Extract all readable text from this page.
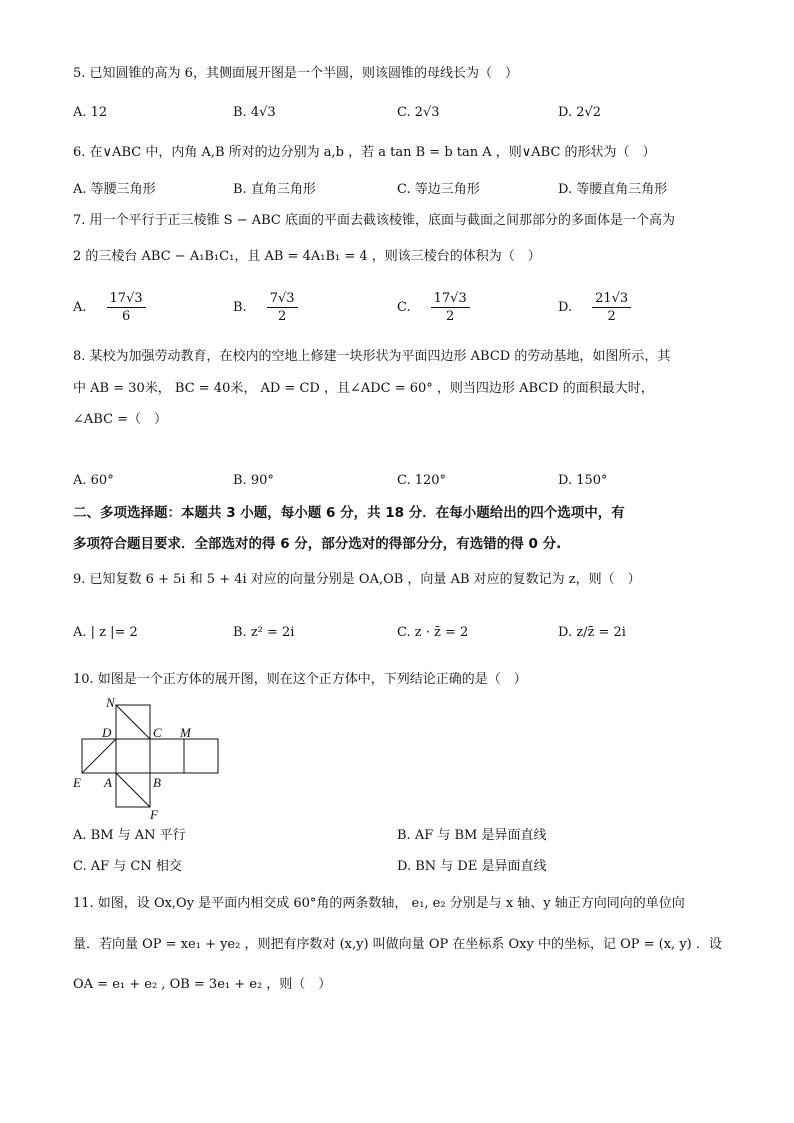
5. 已知圆锥的高为 6，其侧面展开图是一个半圆，则该圆锥的母线长为（　）
A. 12	B. 4√3	C. 2√3	D. 2√2
6. 在∨ABC 中，内角 A,B 所对的边分别为 a,b ，若 a tan B = b tan A ，则∨ABC 的形状为（　）
A. 等腰三角形	B. 直角三角形	C. 等边三角形	D. 等腰直角三角形
7. 用一个平行于正三棱锥 S − ABC 底面的平面去截该棱锥，底面与截面之间那部分的多面体是一个高为
2 的三棱台 ABC − A₁B₁C₁，且 AB = 4A₁B₁ = 4 ，则该三棱台的体积为（　）
A. $\frac{17√3}{6}$	B. $\frac{7√3}{2}$	C. $\frac{17√3}{2}$	D. $\frac{21√3}{2}$
8. 某校为加强劳动教育，在校内的空地上修建一块形状为平面四边形 ABCD 的劳动基地，如图所示，其
中 AB = 30米， BC = 40米， AD = CD ，且∠ADC = 60° ，则当四边形 ABCD 的面积最大时，
∠ABC =（　）
A. 60°	B. 90°	C. 120°	D. 150°
二、多项选择题：本题共 3 小题，每小题 6 分，共 18 分．在每小题给出的四个选项中，有
多项符合题目要求．全部选对的得 6 分，部分选对的得部分分，有选错的得 0 分.
9. 已知复数 6 + 5i 和 5 + 4i 对应的向量分别是 OA,OB ，向量 AB 对应的复数记为 z，则（　）
A. | z |= 2	B. z² = 2i	C. z · z̄ = 2	D. z/z̄ = 2i
10. 如图是一个正方体的展开图，则在这个正方体中，下列结论正确的是（　）
N
D	C M
E A	B
F
A. BM 与 AN 平行	B. AF 与 BM 是异面直线
C. AF 与 CN 相交	D. BN 与 DE 是异面直线
11. 如图，设 Ox,Oy 是平面内相交成 60°角的两条数轴， e₁, e₂ 分别是与 x 轴、y 轴正方向同向的单位向
量．若向量 OP = xe₁ + ye₂ ，则把有序数对 (x,y) 叫做向量 OP 在坐标系 Oxy 中的坐标，记 OP = (x, y) ．设
OA = e₁ + e₂ , OB = 3e₁ + e₂ ，则（　）
